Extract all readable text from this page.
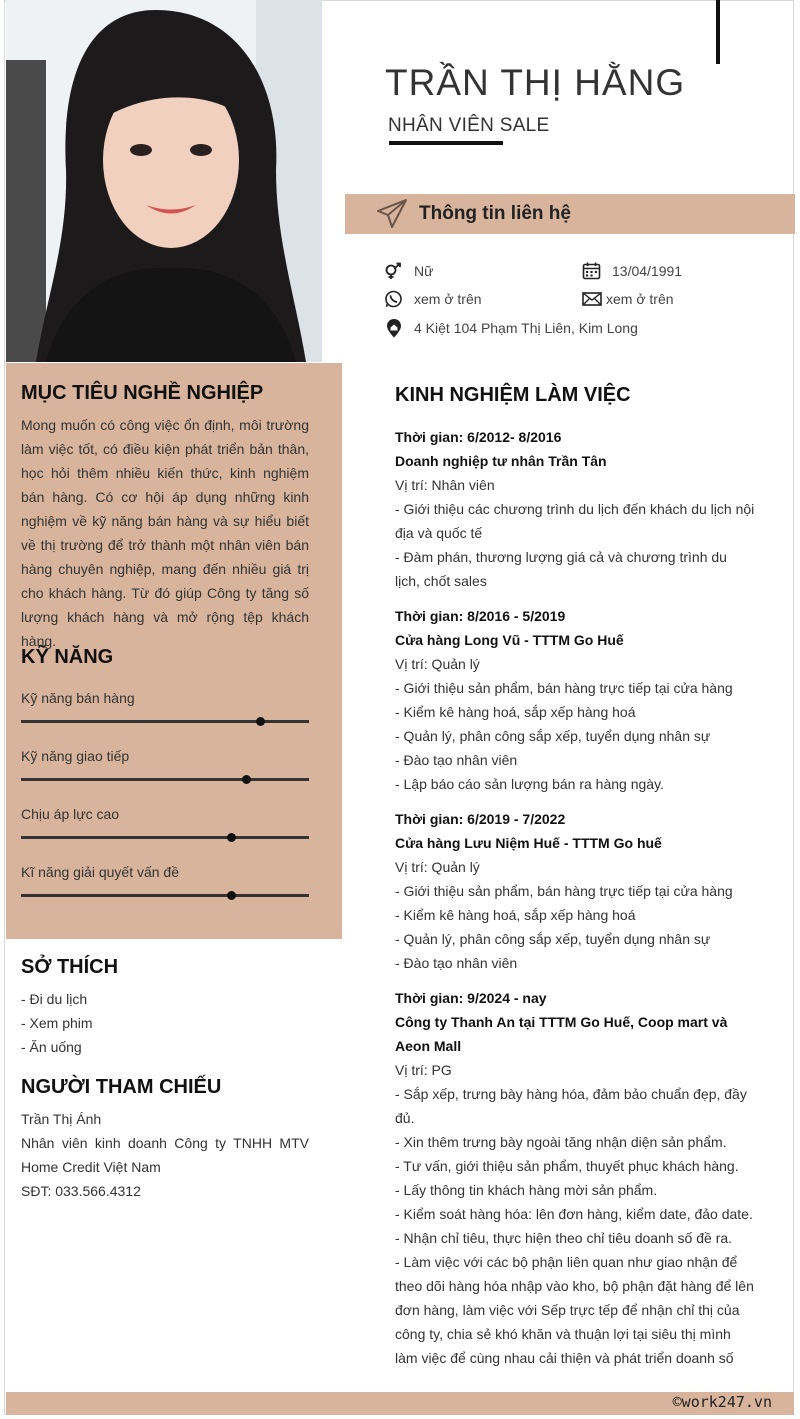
TRẦN THỊ HẰNG
NHÂN VIÊN SALE
Thông tin liên hệ
Nữ	13/04/1991
xem ở trên	xem ở trên
4 Kiệt 104 Phạm Thị Liên, Kim Long
MỤC TIÊU NGHỀ NGHIỆP
Mong muốn có công việc ổn định, môi trường làm việc tốt, có điều kiện phát triển bản thân, học hỏi thêm nhiều kiến thức, kinh nghiệm bán hàng. Có cơ hội áp dụng những kinh nghiệm về kỹ năng bán hàng và sự hiểu biết về thị trường để trở thành một nhân viên bán hàng chuyên nghiệp, mang đến nhiều giá trị cho khách hàng. Từ đó giúp Công ty tăng số lượng khách hàng và mở rộng tệp khách hàng.
KỸ NĂNG
Kỹ năng bán hàng
Kỹ năng giao tiếp
Chịu áp lực cao
Kĩ năng giải quyết vấn đề
SỞ THÍCH
- Đi du lịch
- Xem phim
- Ăn uống
NGƯỜI THAM CHIẾU
Trần Thị Ánh
Nhân viên kinh doanh Công ty TNHH MTV
Home Credit Việt Nam
SĐT: 033.566.4312
KINH NGHIỆM LÀM VIỆC
Thời gian: 6/2012- 8/2016
Doanh nghiệp tư nhân Trần Tân
Vị trí: Nhân viên
- Giới thiệu các chương trình du lịch đến khách du lịch nội địa và quốc tế
- Đàm phán, thương lượng giá cả và chương trình du lịch, chốt sales
Thời gian: 8/2016 - 5/2019
Cửa hàng Long Vũ - TTTM Go Huế
Vị trí: Quản lý
- Giới thiệu sản phẩm, bán hàng trực tiếp tại cửa hàng
- Kiểm kê hàng hoá, sắp xếp hàng hoá
- Quản lý, phân công sắp xếp, tuyển dụng nhân sự
- Đào tạo nhân viên
- Lập báo cáo sản lượng bán ra hàng ngày.
Thời gian: 6/2019 - 7/2022
Cửa hàng Lưu Niệm Huế - TTTM Go huế
Vị trí: Quản lý
- Giới thiệu sản phẩm, bán hàng trực tiếp tại cửa hàng
- Kiểm kê hàng hoá, sắp xếp hàng hoá
- Quản lý, phân công sắp xếp, tuyển dụng nhân sự
- Đào tạo nhân viên
Thời gian: 9/2024 - nay
Công ty Thanh An tại TTTM Go Huế, Coop mart và Aeon Mall
Vị trí: PG
- Sắp xếp, trưng bày hàng hóa, đảm bảo chuẩn đẹp, đầy đủ.
- Xin thêm trưng bày ngoài tăng nhận diện sản phẩm.
- Tư vấn, giới thiệu sản phẩm, thuyết phục khách hàng.
- Lấy thông tin khách hàng mời sản phẩm.
- Kiểm soát hàng hóa: lên đơn hàng, kiểm date, đảo date.
- Nhận chỉ tiêu, thực hiện theo chỉ tiêu doanh số đề ra.
- Làm việc với các bộ phận liên quan như giao nhận để theo dõi hàng hóa nhập vào kho, bộ phận đặt hàng để lên đơn hàng, làm việc với Sếp trực tếp để nhận chỉ thị của công ty, chia sẻ khó khăn và thuận lợi tại siêu thị mình làm việc để cùng nhau cải thiện và phát triển doanh số
©work247.vn
